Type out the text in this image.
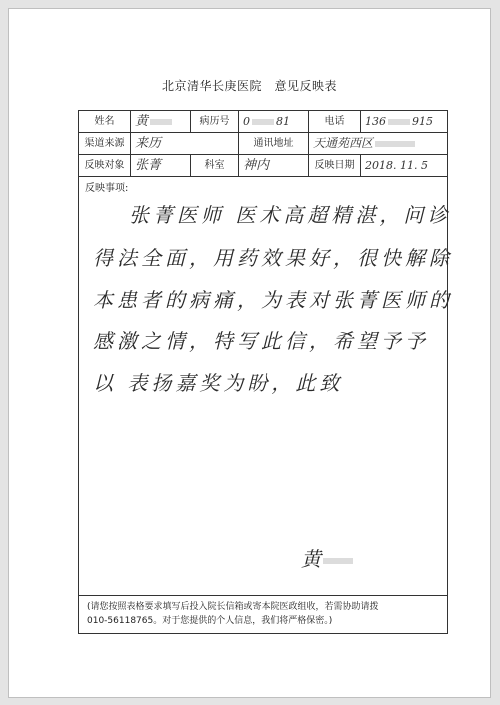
北京清华长庚医院　意见反映表
姓名	黄	病历号	0 81	电话	136 915
渠道来源 来历	通讯地址	天通苑西区
反映对象 张菁	科室	神内	反映日期 2018. 11. 5
反映事项:
张菁医师 医术高超精湛，问诊
得法全面，用药效果好，很快解除
本患者的病痛，为表对张菁医师的
感激之情，特写此信，希望予予
以 表扬嘉奖为盼，此致
黄
(请您按照表格要求填写后投入院长信箱或寄本院医政组收，若需协助请拨
010-56118765。对于您提供的个人信息，我们将严格保密。)
